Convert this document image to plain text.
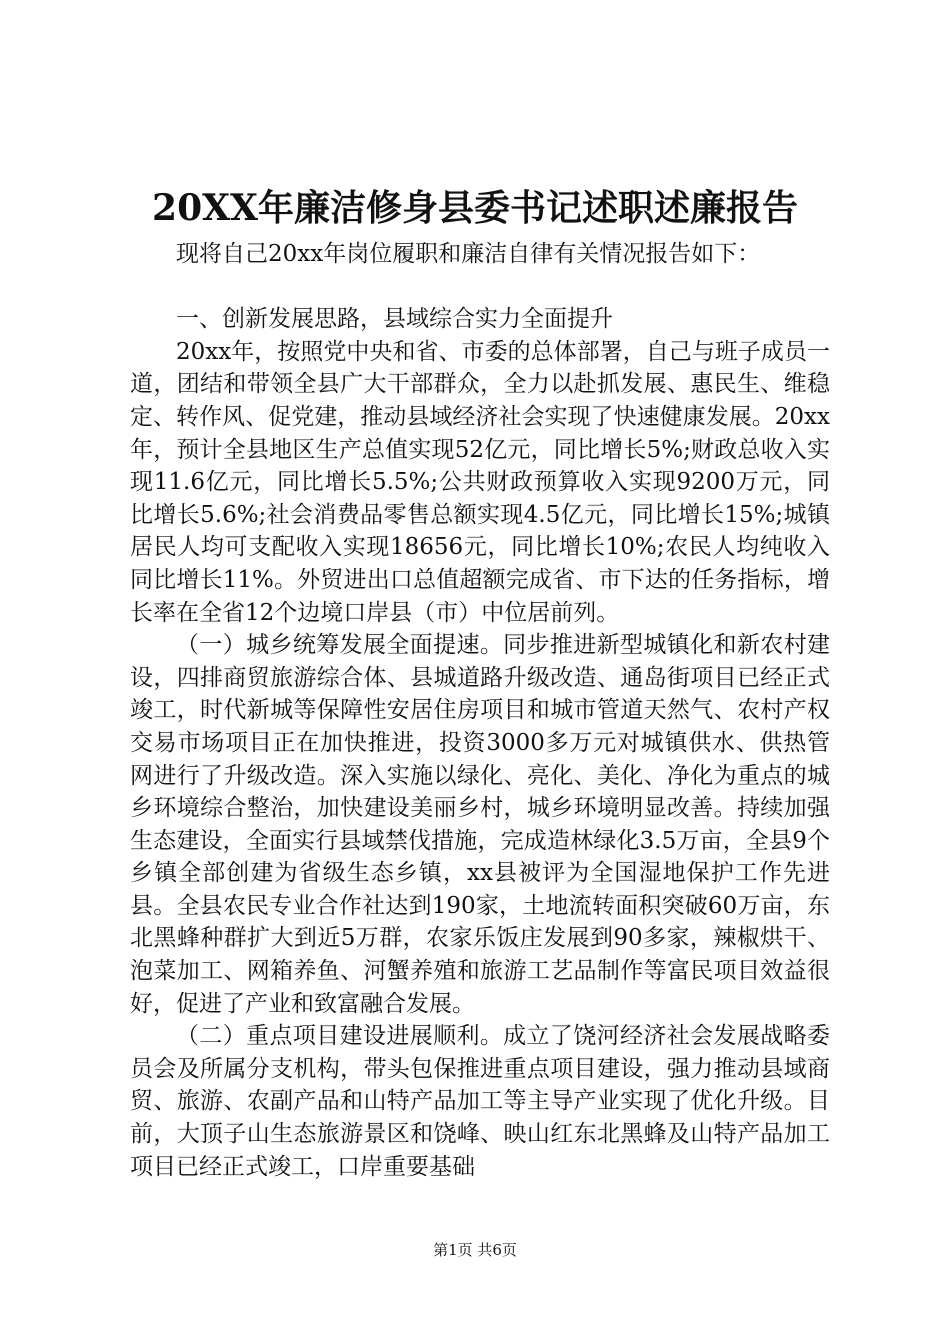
20XX年廉洁修身县委书记述职述廉报告

现将自己20xx年岗位履职和廉洁自律有关情况报告如下：

一、创新发展思路，县域综合实力全面提升

20xx年，按照党中央和省、市委的总体部署，自己与班子成员一道，团结和带领全县广大干部群众，全力以赴抓发展、惠民生、维稳定、转作风、促党建，推动县域经济社会实现了快速健康发展。20xx年，预计全县地区生产总值实现52亿元，同比增长5%;财政总收入实现11.6亿元，同比增长5.5%;公共财政预算收入实现9200万元，同比增长5.6%;社会消费品零售总额实现4.5亿元，同比增长15%;城镇居民人均可支配收入实现18656元，同比增长10%;农民人均纯收入同比增长11%。外贸进出口总值超额完成省、市下达的任务指标，增长率在全省12个边境口岸县（市）中位居前列。

（一）城乡统筹发展全面提速。同步推进新型城镇化和新农村建设，四排商贸旅游综合体、县城道路升级改造、通岛街项目已经正式竣工，时代新城等保障性安居住房项目和城市管道天然气、农村产权交易市场项目正在加快推进，投资3000多万元对城镇供水、供热管网进行了升级改造。深入实施以绿化、亮化、美化、净化为重点的城乡环境综合整治，加快建设美丽乡村，城乡环境明显改善。持续加强生态建设，全面实行县域禁伐措施，完成造林绿化3.5万亩，全县9个乡镇全部创建为省级生态乡镇，xx县被评为全国湿地保护工作先进县。全县农民专业合作社达到190家，土地流转面积突破60万亩，东北黑蜂种群扩大到近5万群，农家乐饭庄发展到90多家，辣椒烘干、泡菜加工、网箱养鱼、河蟹养殖和旅游工艺品制作等富民项目效益很好，促进了产业和致富融合发展。

（二）重点项目建设进展顺利。成立了饶河经济社会发展战略委员会及所属分支机构，带头包保推进重点项目建设，强力推动县域商贸、旅游、农副产品和山特产品加工等主导产业实现了优化升级。目前，大顶子山生态旅游景区和饶峰、映山红东北黑蜂及山特产品加工项目已经正式竣工，口岸重要基础

第1页 共6页
